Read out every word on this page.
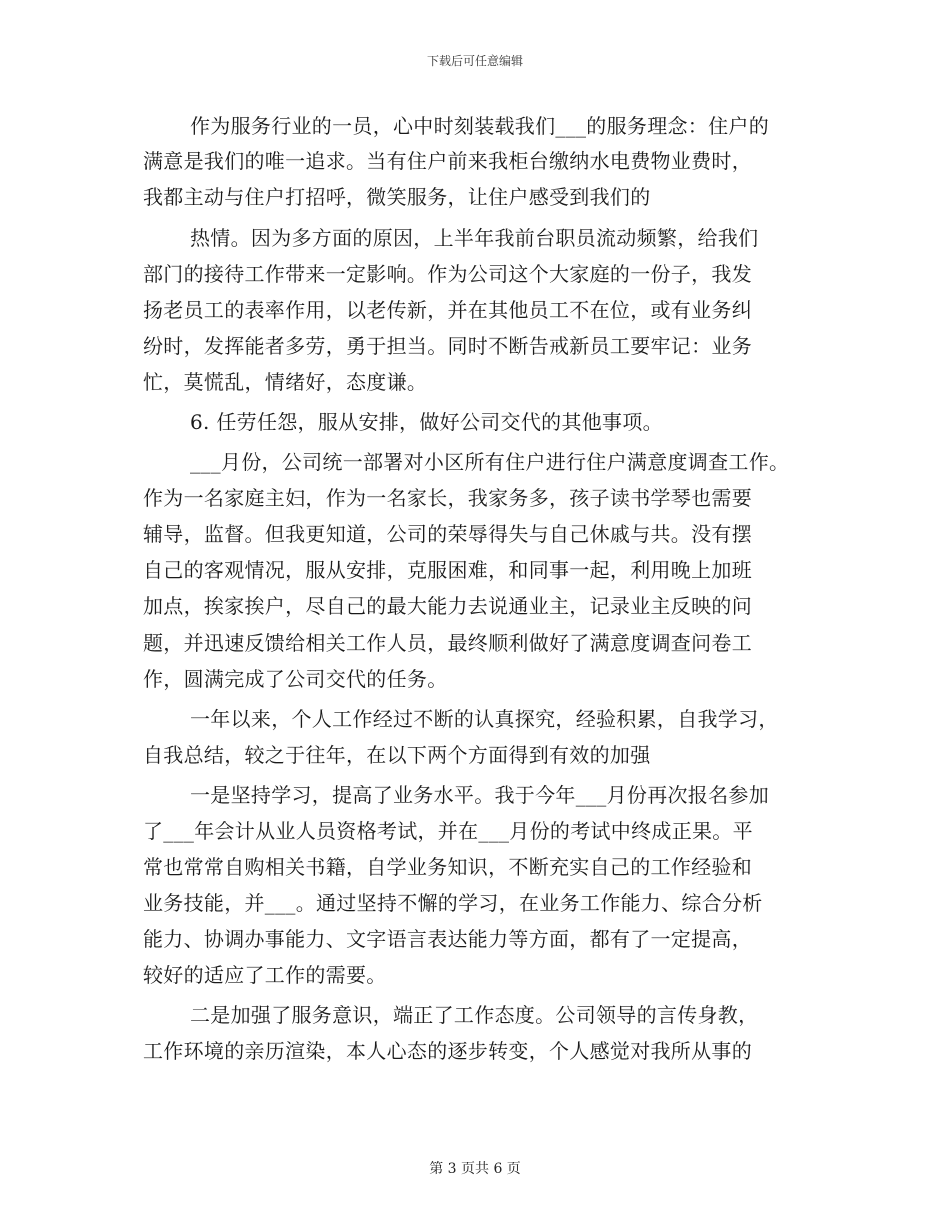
下载后可任意编辑
作为服务行业的一员，心中时刻装载我们___的服务理念：住户的
满意是我们的唯一追求。当有住户前来我柜台缴纳水电费物业费时，
我都主动与住户打招呼，微笑服务，让住户感受到我们的
热情。因为多方面的原因，上半年我前台职员流动频繁，给我们
部门的接待工作带来一定影响。作为公司这个大家庭的一份子，我发
扬老员工的表率作用，以老传新，并在其他员工不在位，或有业务纠
纷时，发挥能者多劳，勇于担当。同时不断告戒新员工要牢记：业务
忙，莫慌乱，情绪好，态度谦。
6. 任劳任怨，服从安排，做好公司交代的其他事项。
___月份，公司统一部署对小区所有住户进行住户满意度调查工作。
作为一名家庭主妇，作为一名家长，我家务多，孩子读书学琴也需要
辅导，监督。但我更知道，公司的荣辱得失与自己休戚与共。没有摆
自己的客观情况，服从安排，克服困难，和同事一起，利用晚上加班
加点，挨家挨户，尽自己的最大能力去说通业主，记录业主反映的问
题，并迅速反馈给相关工作人员，最终顺利做好了满意度调查问卷工
作，圆满完成了公司交代的任务。
一年以来，个人工作经过不断的认真探究，经验积累，自我学习，
自我总结，较之于往年，在以下两个方面得到有效的加强
一是坚持学习，提高了业务水平。我于今年___月份再次报名参加
了___年会计从业人员资格考试，并在___月份的考试中终成正果。平
常也常常自购相关书籍，自学业务知识，不断充实自己的工作经验和
业务技能，并___。通过坚持不懈的学习，在业务工作能力、综合分析
能力、协调办事能力、文字语言表达能力等方面，都有了一定提高，
较好的适应了工作的需要。
二是加强了服务意识，端正了工作态度。公司领导的言传身教，
工作环境的亲历渲染，本人心态的逐步转变，个人感觉对我所从事的
第 3 页共 6 页
